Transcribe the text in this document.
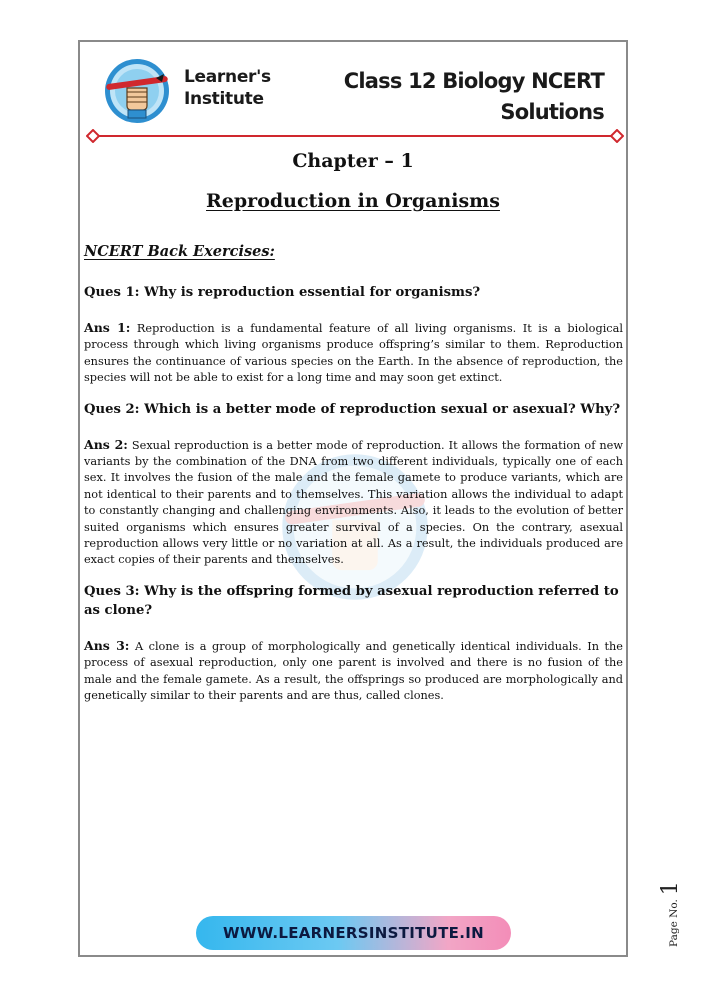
Learner's
Institute
Class 12 Biology NCERT
Solutions
Chapter – 1
Reproduction in Organisms
NCERT Back Exercises:
Ques 1: Why is reproduction essential for organisms?
Ans 1: Reproduction is a fundamental feature of all living organisms. It is a biological process through which living organisms produce offspring’s similar to them. Reproduction ensures the continuance of various species on the Earth. In the absence of reproduction, the species will not be able to exist for a long time and may soon get extinct.
Ques 2: Which is a better mode of reproduction sexual or asexual? Why?
Ans 2: Sexual reproduction is a better mode of reproduction. It allows the formation of new variants by the combination of the DNA from two different individuals, typically one of each sex. It involves the fusion of the male and the female gamete to produce variants, which are not identical to their parents and to themselves. This variation allows the individual to adapt to constantly changing and challenging environments. Also, it leads to the evolution of better suited organisms which ensures greater survival of a species. On the contrary, asexual reproduction allows very little or no variation at all. As a result, the individuals produced are exact copies of their parents and themselves.
Ques 3: Why is the offspring formed by asexual reproduction referred to as clone?
Ans 3: A clone is a group of morphologically and genetically identical individuals. In the process of asexual reproduction, only one parent is involved and there is no fusion of the male and the female gamete. As a result, the offsprings so produced are morphologically and genetically similar to their parents and are thus, called clones.
WWW.LEARNERSINSTITUTE.IN	Page No.1
